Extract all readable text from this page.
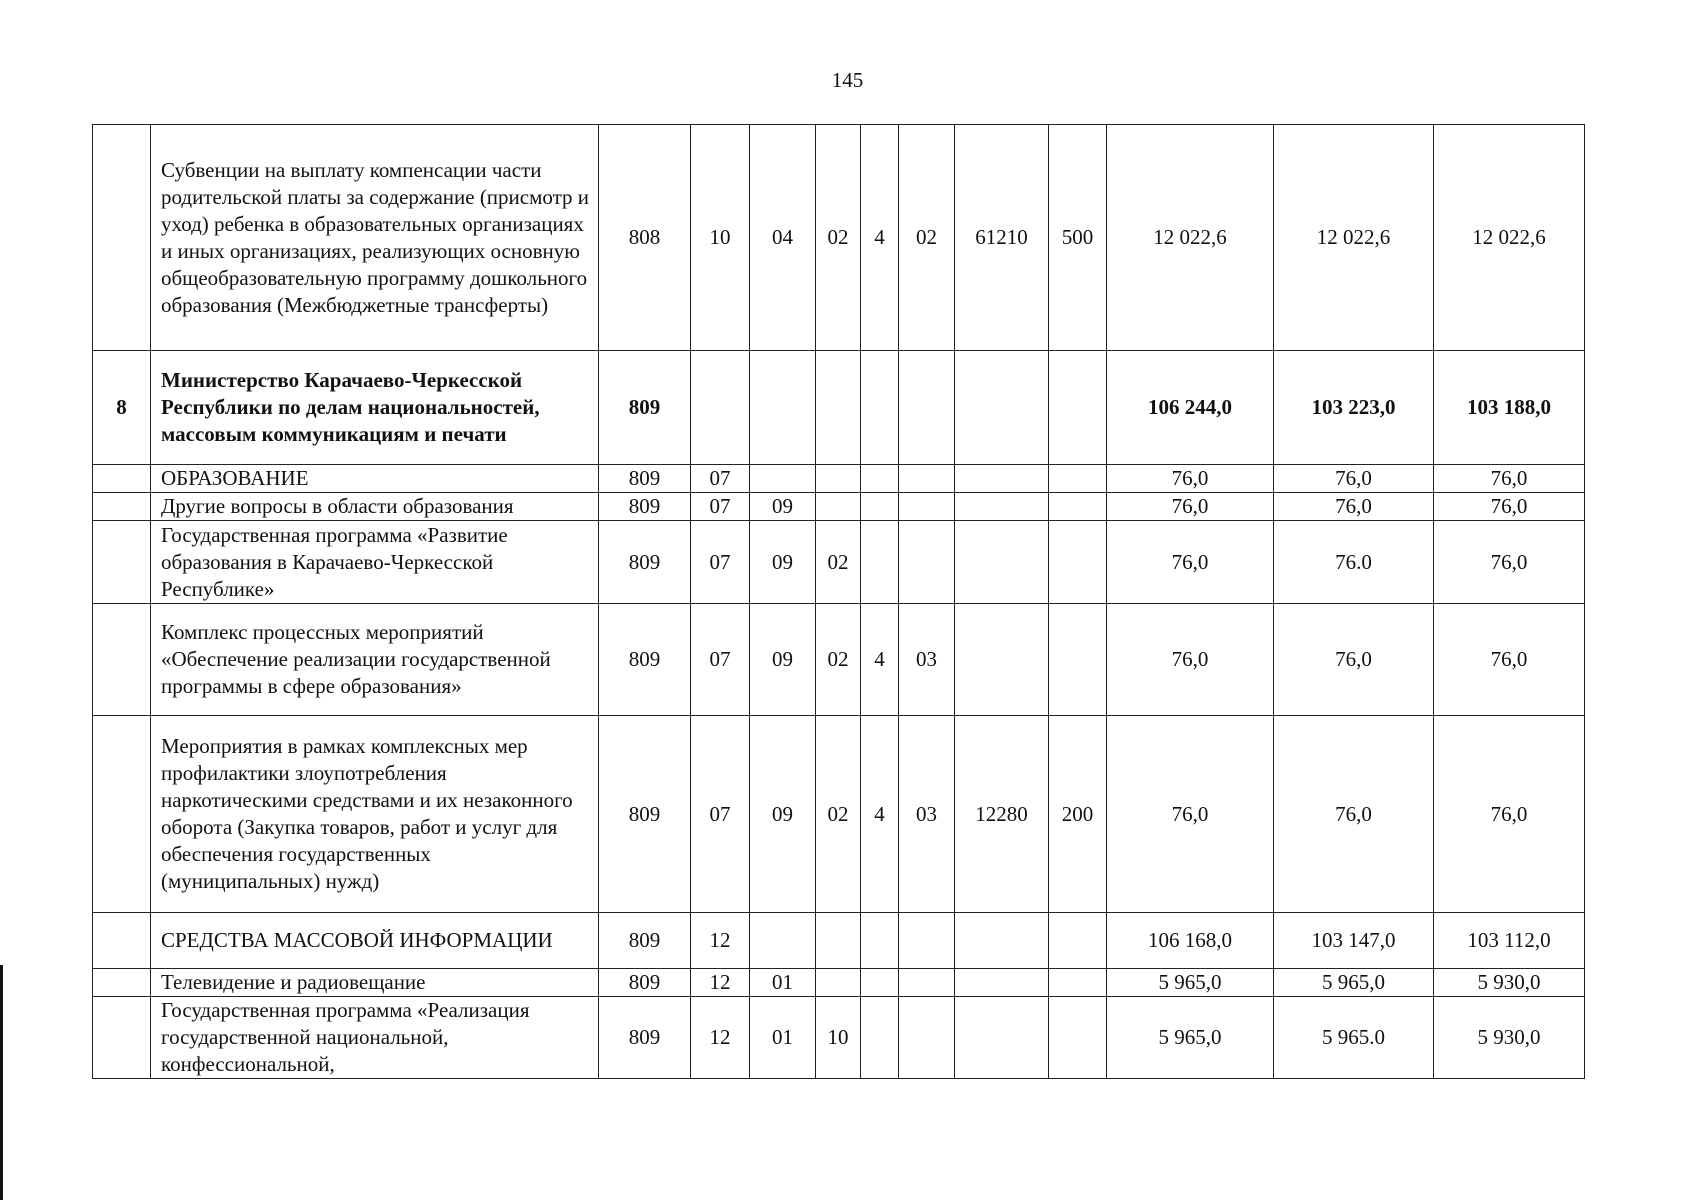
145
	Субвенции на выплату компенсации части родительской платы за содержание (присмотр и уход) ребенка в образовательных организациях и иных организациях, реализующих основную общеобразовательную программу дошкольного образования (Межбюджетные трансферты)	808	10	04	02	4	02	61210	500	12 022,6	12 022,6	12 022,6
8	Министерство Карачаево-Черкесской Республики по делам национальностей, массовым коммуникациям и печати	809								106 244,0	103 223,0	103 188,0
	ОБРАЗОВАНИЕ	809	07							76,0	76,0	76,0
	Другие вопросы в области образования	809	07	09						76,0	76,0	76,0
	Государственная программа «Развитие образования в Карачаево-Черкесской Республике»	809	07	09	02					76,0	76.0	76,0
	Комплекс процессных мероприятий «Обеспечение реализации государственной программы в сфере образования»	809	07	09	02	4	03			76,0	76,0	76,0
	Мероприятия в рамках комплексных мер профилактики злоупотребления наркотическими средствами и их незаконного оборота (Закупка товаров, работ и услуг для обеспечения государственных (муниципальных) нужд)	809	07	09	02	4	03	12280	200	76,0	76,0	76,0
	СРЕДСТВА МАССОВОЙ ИНФОРМАЦИИ	809	12							106 168,0	103 147,0	103 112,0
	Телевидение и радиовещание	809	12	01						5 965,0	5 965,0	5 930,0
	Государственная программа «Реализация государственной национальной, конфессиональной,	809	12	01	10					5 965,0	5 965.0	5 930,0
